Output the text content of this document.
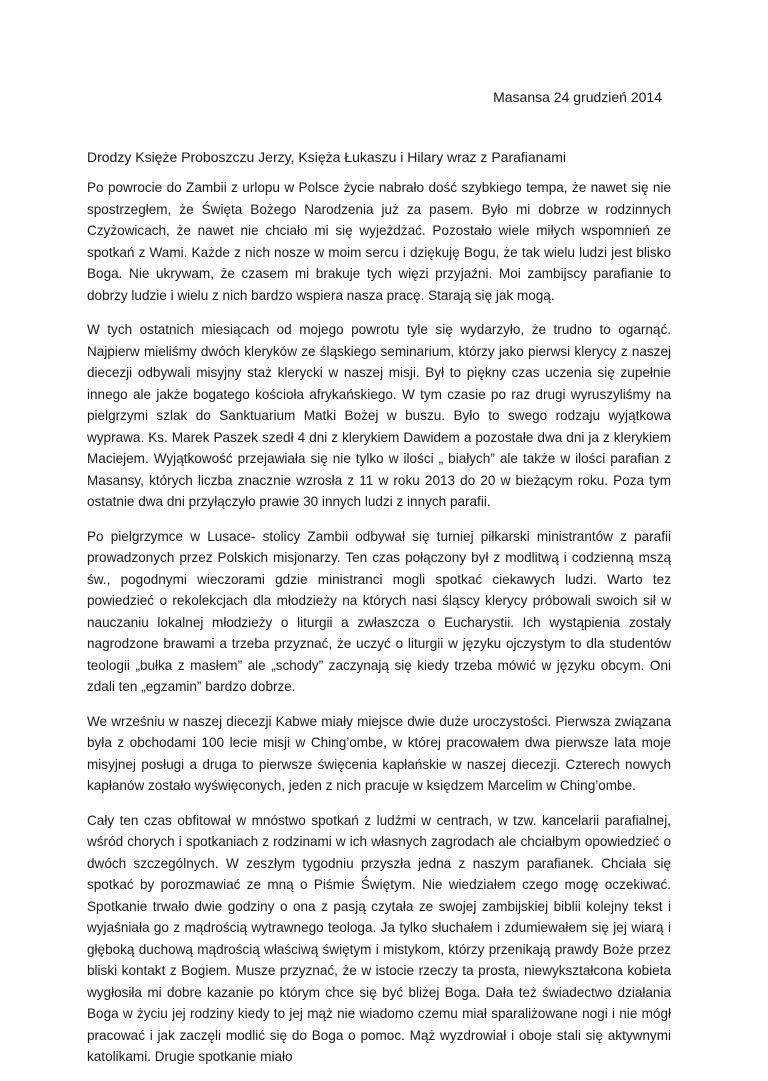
Masansa 24 grudzień 2014
Drodzy Księże Proboszczu Jerzy, Księża Łukaszu i Hilary wraz z Parafianami

Po powrocie do Zambii z urlopu w Polsce życie nabrało dość szybkiego tempa, że nawet się nie spostrzegłem, że Święta Bożego Narodzenia już za pasem. Było mi dobrze w rodzinnych Czyżowicach, że nawet nie chciało mi się wyjeżdżać. Pozostało wiele miłych wspomnień ze spotkań z Wami. Każde z nich nosze w moim sercu i dziękuję Bogu, że tak wielu ludzi jest blisko Boga. Nie ukrywam, że czasem mi brakuje tych więzi przyjaźni. Moi zambijscy parafianie to dobrzy ludzie i wielu z nich bardzo wspiera nasza pracę. Starają się jak mogą.

W tych ostatnich miesiącach od mojego powrotu tyle się wydarzyło, że trudno to ogarnąć. Najpierw mieliśmy dwóch kleryków ze śląskiego seminarium, którzy jako pierwsi klerycy z naszej diecezji odbywali misyjny staż klerycki w naszej misji. Był to piękny czas uczenia się zupełnie innego ale jakże bogatego kościoła afrykańskiego. W tym czasie po raz drugi wyruszyliśmy na pielgrzymi szlak do Sanktuarium Matki Bożej w buszu. Było to swego rodzaju wyjątkowa wyprawa. Ks. Marek Paszek szedł 4 dni z klerykiem Dawidem a pozostałe dwa dni ja z klerykiem Maciejem. Wyjątkowość przejawiała się nie tylko w ilości „ białych” ale także w ilości parafian z Masansy, których liczba znacznie wzrosła z 11 w roku 2013 do 20 w bieżącym roku. Poza tym ostatnie dwa dni przyłączyło prawie 30 innych ludzi z innych parafii.

Po pielgrzymce w Lusace- stolicy Zambii odbywał się turniej piłkarski ministrantów z parafii prowadzonych przez Polskich misjonarzy. Ten czas połączony był z modlitwą i codzienną mszą św., pogodnymi wieczorami gdzie ministranci mogli spotkać ciekawych ludzi. Warto tez powiedzieć o rekolekcjach dla młodzieży na których nasi śląscy klerycy próbowali swoich sił w nauczaniu lokalnej młodzieży o liturgii a zwłaszcza o Eucharystii. Ich wystąpienia zostały nagrodzone brawami a trzeba przyznać, że uczyć o liturgii w języku ojczystym to dla studentów teologii „bułka z masłem” ale „schody” zaczynają się kiedy trzeba mówić w języku obcym. Oni zdali ten „egzamin” bardzo dobrze.

We wrześniu w naszej diecezji Kabwe miały miejsce dwie duże uroczystości. Pierwsza związana była z obchodami 100 lecie misji w Ching’ombe, w której pracowałem dwa pierwsze lata moje misyjnej posługi a druga to pierwsze święcenia kapłańskie w naszej diecezji. Czterech nowych kapłanów zostało wyświęconych, jeden z nich pracuje w księdzem Marcelim w Ching’ombe.

Cały ten czas obfitował w mnóstwo spotkań z ludźmi w centrach, w tzw. kancelarii parafialnej, wśród chorych i spotkaniach z rodzinami w ich własnych zagrodach ale chciałbym opowiedzieć o dwóch szczególnych. W zeszłym tygodniu przyszła jedna z naszym parafianek. Chciała się spotkać by porozmawiać ze mną o Piśmie Świętym. Nie wiedziałem czego mogę oczekiwać. Spotkanie trwało dwie godziny o ona z pasją czytała ze swojej zambijskiej biblii kolejny tekst i wyjaśniała go z mądrością wytrawnego teologa. Ja tylko słuchałem i zdumiewałem się jej wiarą i głęboką duchową mądrością właściwą świętym i mistykom, którzy przenikają prawdy Boże przez bliski kontakt z Bogiem. Musze przyznać, że w istocie rzeczy ta prosta, niewykształcona kobieta wygłosiła mi dobre kazanie po którym chce się być bliżej Boga. Dała też świadectwo działania Boga w życiu jej rodziny kiedy to jej mąż nie wiadomo czemu miał sparaliżowane nogi i nie mógł pracować i jak zaczęli modlić się do Boga o pomoc. Mąż wyzdrowiał i oboje stali się aktywnymi katolikami. Drugie spotkanie miało
